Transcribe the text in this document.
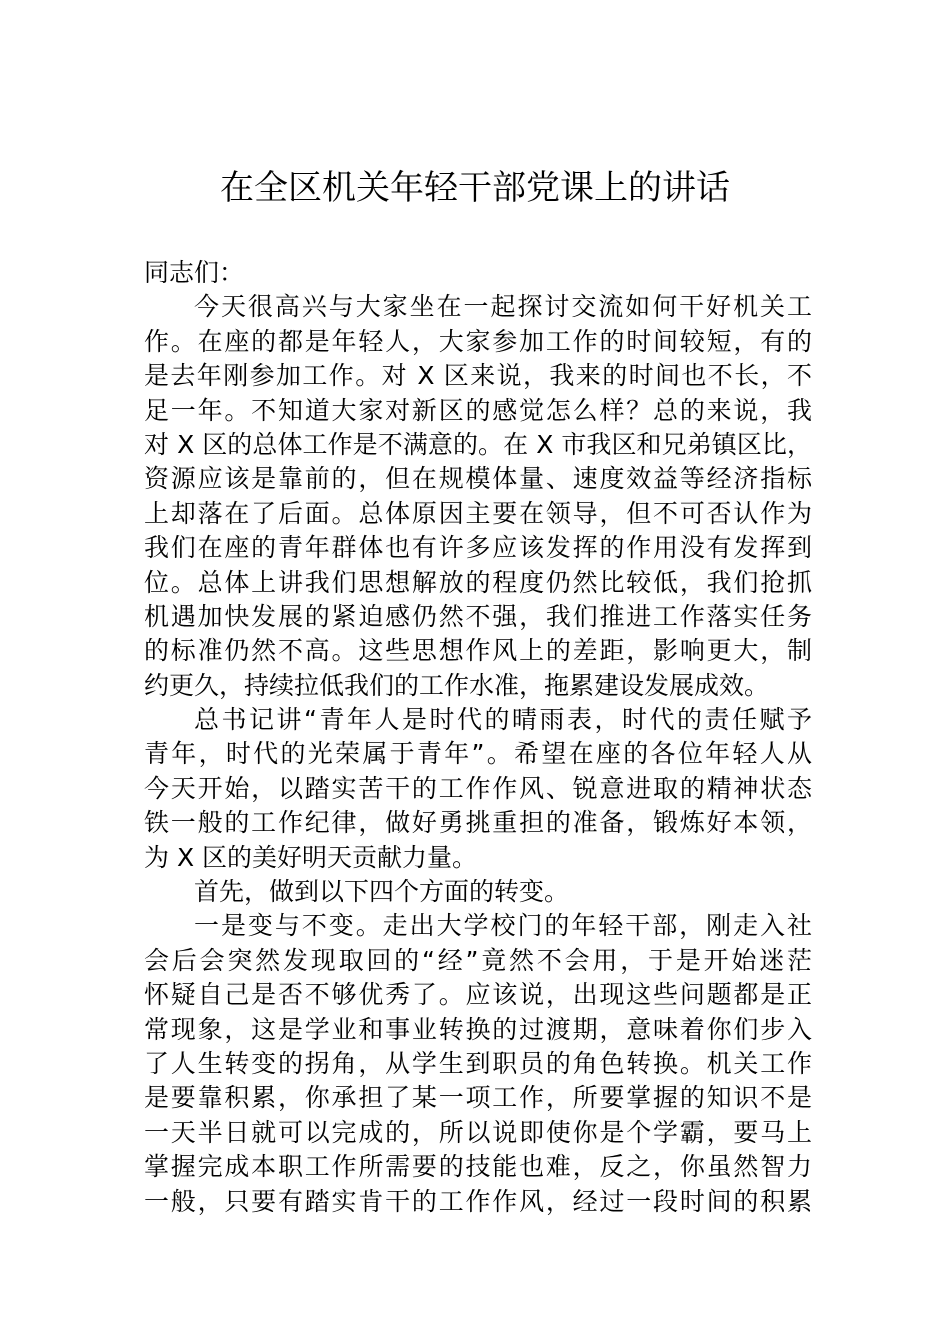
在全区机关年轻干部党课上的讲话
同志们：
今天很高兴与大家坐在一起探讨交流如何干好机关工
作。在座的都是年轻人，大家参加工作的时间较短，有的
是去年刚参加工作。对 X 区来说，我来的时间也不长，不
足一年。不知道大家对新区的感觉怎么样？总的来说，我
对 X 区的总体工作是不满意的。在 X 市我区和兄弟镇区比，
资源应该是靠前的，但在规模体量、速度效益等经济指标
上却落在了后面。总体原因主要在领导，但不可否认作为
我们在座的青年群体也有许多应该发挥的作用没有发挥到
位。总体上讲我们思想解放的程度仍然比较低，我们抢抓
机遇加快发展的紧迫感仍然不强，我们推进工作落实任务
的标准仍然不高。这些思想作风上的差距，影响更大，制
约更久，持续拉低我们的工作水准，拖累建设发展成效。
总书记讲“青年人是时代的晴雨表，时代的责任赋予
青年，时代的光荣属于青年”。希望在座的各位年轻人从
今天开始，以踏实苦干的工作作风、锐意进取的精神状态
铁一般的工作纪律，做好勇挑重担的准备，锻炼好本领，
为 X 区的美好明天贡献力量。
首先，做到以下四个方面的转变。
一是变与不变。走出大学校门的年轻干部，刚走入社
会后会突然发现取回的“经”竟然不会用，于是开始迷茫
怀疑自己是否不够优秀了。应该说，出现这些问题都是正
常现象，这是学业和事业转换的过渡期，意味着你们步入
了人生转变的拐角，从学生到职员的角色转换。机关工作
是要靠积累，你承担了某一项工作，所要掌握的知识不是
一天半日就可以完成的，所以说即使你是个学霸，要马上
掌握完成本职工作所需要的技能也难，反之，你虽然智力
一般，只要有踏实肯干的工作作风，经过一段时间的积累
